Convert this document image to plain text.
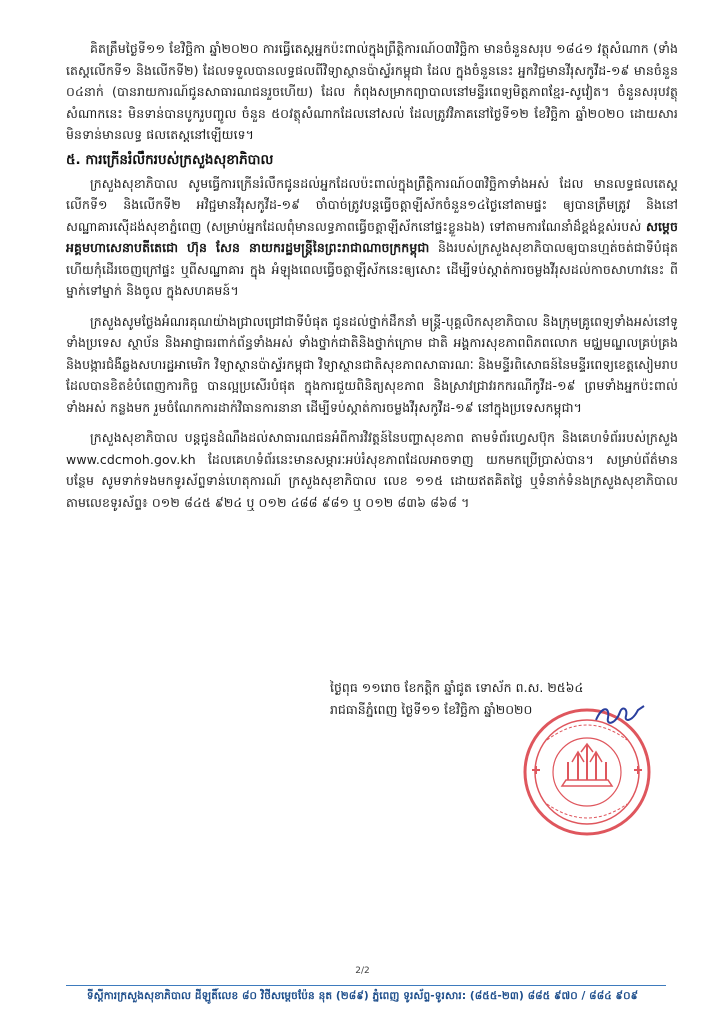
គិតត្រឹមថ្ងៃទី១១ ខែវិច្ឆិកា ឆ្នាំ២០២០ ការធ្វើតេស្តអ្នកប៉ះពាល់ក្នុងព្រឹត្តិការណ៍០៣វិច្ឆិកា មានចំនួនសរុប ១៨៤១ វត្ថុសំណាក (ទាំងតេស្តលើកទី១ និងលើកទី២) ដែលទទួលបានលទ្ធផលពីវិទ្យាស្ថានប៉ាស្ទ័រកម្ពុជា ដែល ក្នុងចំនួននេះ អ្នកវិជ្ជមានវីរុសកូវីដ-១៩ មានចំនួន ០៤នាក់ (បានរាយការណ៍ជូនសាធារណជនរួចហើយ) ដែល កំពុងសម្រាកព្យាបាលនៅមន្ទីរពេទ្យមិត្តភាពខ្មែរ-សូវៀត។ ចំនួនសរុបវត្ថុសំណាកនេះ មិនទាន់បានបូករួបញ្ចូល ចំនួន ៥០វត្ថុសំណាកដែលនៅសល់ ដែលត្រូវវិភាគនៅថ្ងៃទី១២ ខែវិច្ឆិកា ឆ្នាំ២០២០ ដោយសារមិនទាន់មានលទ្ធ ផលតេស្តនៅឡើយទេ។

៥. ការក្រើនរំលឹករបស់ក្រសួងសុខាភិបាល

ក្រសួងសុខាភិបាល សូមធ្វើការក្រើនរំលឹកជូនដល់អ្នកដែលប៉ះពាល់ក្នុងព្រឹត្តិការណ៍០៣វិច្ឆិកាទាំងអស់ ដែល មានលទ្ធផលតេស្តលើកទី១ និងលើកទី២ អវិជ្ជមានវីរុសកូវីដ-១៩ ចាំបាច់ត្រូវបន្តធ្វើចត្តាឡីស័កចំនួន១៤ថ្ងៃនៅតាមផ្ទះ ឲ្យបានត្រឹមត្រូវ និងនៅសណ្ឋាគារស៊ើដង់សុខាភ្នំពេញ (សម្រាប់អ្នកដែលពុំមានលទ្ធភាពធ្វើចត្តាឡីស័កនៅផ្ទះខ្លួនឯង) ទៅតាមការណែនាំដ៏ខ្ពង់ខ្ពស់របស់ សម្តេចអគ្គមហាសេនាបតីតេជោ ហ៊ុន សែន នាយករដ្ឋមន្ត្រីនៃព្រះរាជាណាចក្រកម្ពុជា និងរបស់ក្រសួងសុខាភិបាលឲ្យបានហ្មត់ចត់ជាទីបំផុត ហើយកុំដើរចេញក្រៅផ្ទះ ឬពីសណ្ឋាគារ ក្នុង អំឡុងពេលធ្វើចត្តាឡីស័កនេះឲ្យសោះ ដើម្បីទប់ស្កាត់ការចម្លងវីរុសដល់កាចសាហាវនេះ ពីម្នាក់ទៅម្នាក់ និងចូល ក្នុងសហគមន៍។

ក្រសួងសូមថ្លែងអំណរគុណយ៉ាងជ្រាលជ្រៅជាទីបំផុត ជូនដល់ថ្នាក់ដឹកនាំ មន្ត្រី-បុគ្គលិកសុខាភិបាល និងក្រុមគ្រូពេទ្យទាំងអស់នៅទូទាំងប្រទេស ស្ថាប័ន និងអាជ្ញាធរពាក់ព័ន្ធទាំងអស់ ទាំងថ្នាក់ជាតិនិងថ្នាក់ក្រោម ជាតិ អង្គការសុខភាពពិភពលោក មជ្ឈមណ្ឌលគ្រប់គ្រង និងបង្ការជំងឺឆ្លងសហរដ្ឋអាមេរិក វិទ្យាស្ថានប៉ាស្ទ័រកម្ពុជា វិទ្យាស្ថានជាតិសុខភាពសាធារណៈ និងមន្ទីរពិសោធន៍នៃមន្ទីរពេទ្យខេត្តសៀមរាប ដែលបានខិតខំបំពេញការកិច្ច បានល្អប្រសើរបំផុត ក្នុងការជួយពិនិត្យសុខភាព និងស្រាវជ្រាវរកករណីកូវីដ-១៩ ព្រមទាំងអ្នកប៉ះពាល់ទាំងអស់ កន្លងមក រួមចំណែកការដាក់វិធានការនានា ដើម្បីទប់ស្កាត់ការចម្លងវីរុសកូវីដ-១៩ នៅក្នុងប្រទេសកម្ពុជា។

ក្រសួងសុខាភិបាល បន្តជូនដំណឹងដល់សាធារណជនអំពីការវិវត្តន៍នៃបញ្ហាសុខភាព តាមទំព័រហ្វេសប៊ុក និងគេហទំព័ររបស់ក្រសួង www.cdcmoh.gov.kh ដែលគេហទំព័រនេះមានសម្ភារៈអប់រំសុខភាពដែលអាចទាញ យកមកប្រើប្រាស់បាន។ សម្រាប់ព័ត៌មានបន្ថែម សូមទាក់ទងមកទូរស័ព្ទទាន់ហេតុការណ៍ ក្រសួងសុខាភិបាល លេខ ១១៥ ដោយឥតគិតថ្លៃ ឬទំនាក់ទំនងក្រសួងសុខាភិបាល តាមលេខទូរស័ព្ទ៖ ០១២ ៨៤៥ ៩២៤ ឬ ០១២ ៤៨៨ ៩៨១ ឬ ០១២ ៨៣៦ ៨៦៨ ។

ថ្ងៃពុធ ១១រោច ខែកត្តិក ឆ្នាំជូត ទោស័ក ព.ស. ២៥៦៤

រាជធានីភ្នំពេញ ថ្ងៃទី១១ ខែវិច្ឆិកា ឆ្នាំ២០២០

2/2
ទីស្តីការក្រសួងសុខាភិបាល ដីឡូតិ៍លេខ ៨០ វិថីសម្តេចប៉ែន នុត (២៨៩) ភ្នំពេញ ទូរស័ព្ទ-ទូរសារ: (៨៥៥-២៣) ៨៨៥ ៩៧០ / ៨៨៤ ៩០៩
